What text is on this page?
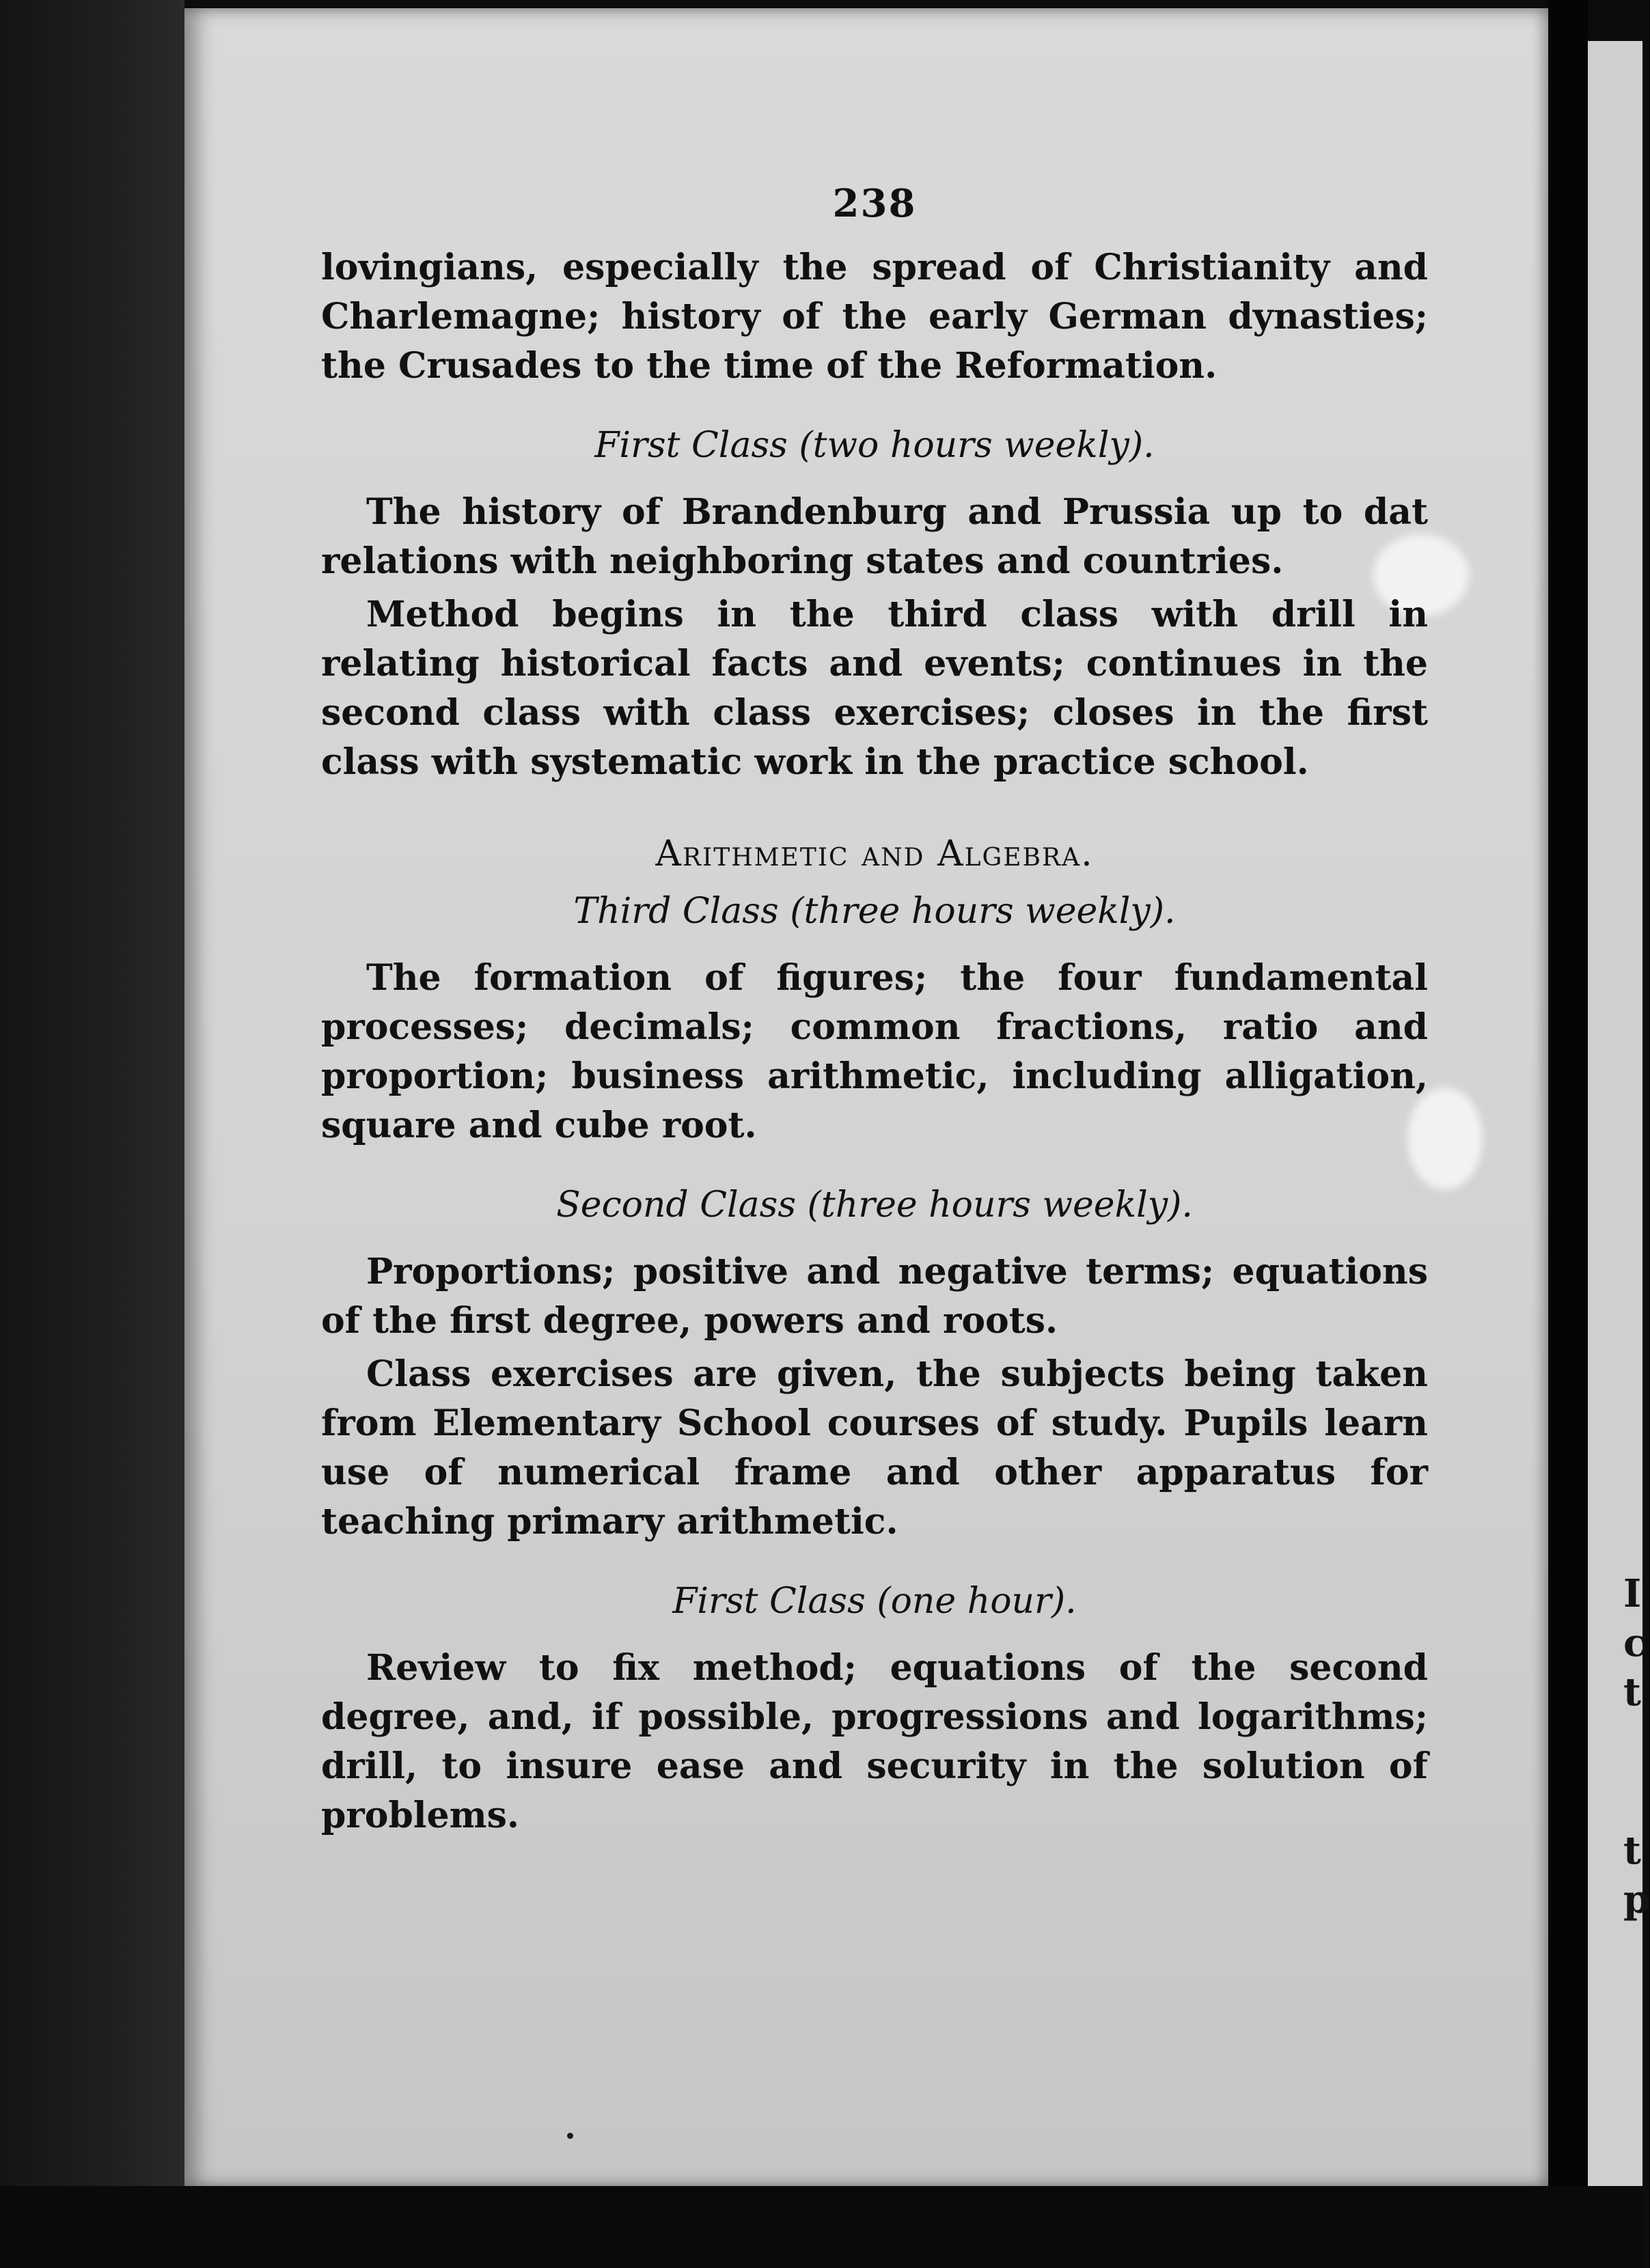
238

lovingians, especially the spread of Christianity and Charlemagne; history of the early German dynasties; the Crusades to the time of the Reformation.

First Class (two hours weekly).

The history of Brandenburg and Prussia up to dat relations with neighboring states and countries.

Method begins in the third class with drill in relating historical facts and events; continues in the second class with class exercises; closes in the first class with systematic work in the practice school.

Arithmetic and Algebra.
Third Class (three hours weekly).

The formation of figures; the four fundamental processes; decimals; common fractions, ratio and proportion; business arithmetic, including alligation, square and cube root.

Second Class (three hours weekly).

Proportions; positive and negative terms; equations of the first degree, powers and roots.

Class exercises are given, the subjects being taken from Elementary School courses of study. Pupils learn use of numerical frame and other apparatus for teaching primary arithmetic.

First Class (one hour).

Review to fix method; equations of the second degree, and, if possible, progressions and logarithms; drill, to insure ease and security in the solution of problems.

I
c
t
t
p
